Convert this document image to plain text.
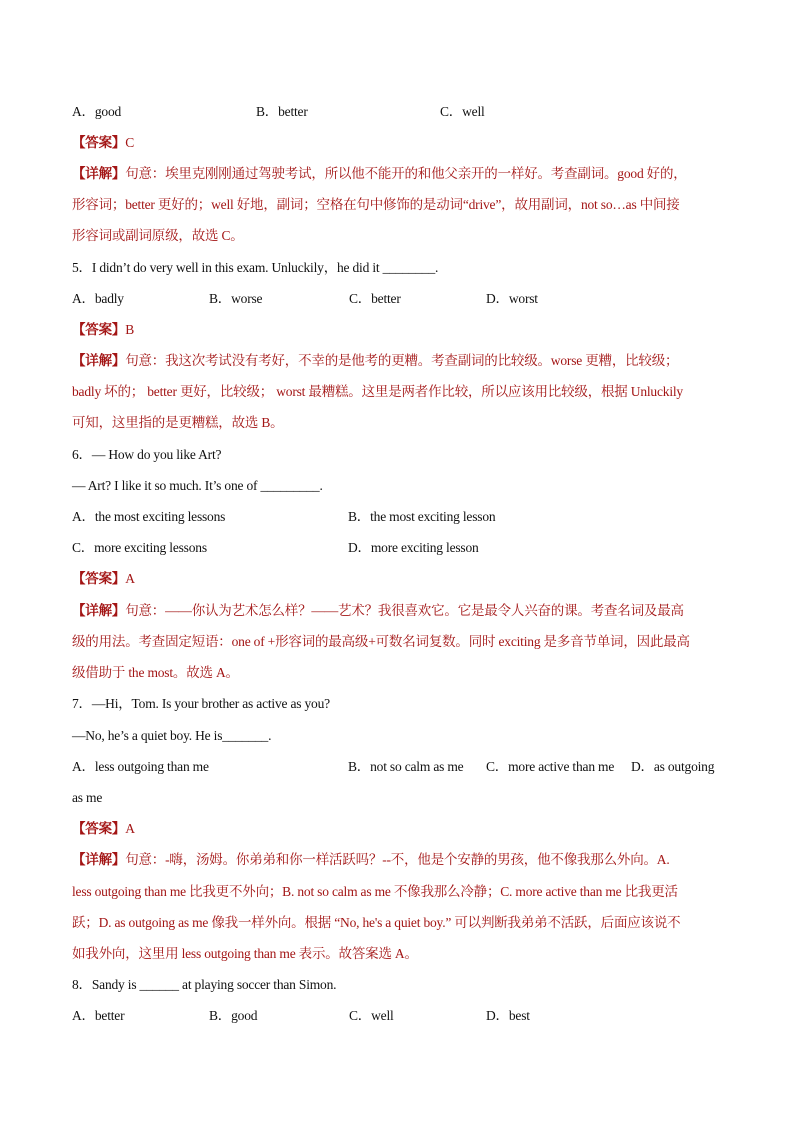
A．good	B．better	C．well
【答案】C
【详解】句意：埃里克刚刚通过驾驶考试，所以他不能开的和他父亲开的一样好。考查副词。good 好的，
形容词；better 更好的；well 好地，副词；空格在句中修饰的是动词“drive”，故用副词，not so…as 中间接
形容词或副词原级，故选 C。
5．I didn’t do very well in this exam. Unluckily，he did it ________.
A．badly	B．worse	C．better	D．worst
【答案】B
【详解】句意：我这次考试没有考好，不幸的是他考的更糟。考查副词的比较级。worse 更糟，比较级；
badly 坏的； better 更好，比较级； worst 最糟糕。这里是两者作比较，所以应该用比较级，根据 Unluckily
可知，这里指的是更糟糕，故选 B。
6．— How do you like Art?
— Art? I like it so much. It’s one of _________.
A．the most exciting lessons	B．the most exciting lesson
C．more exciting lessons	D．more exciting lesson
【答案】A
【详解】句意：——你认为艺术怎么样？——艺术？我很喜欢它。它是最令人兴奋的课。考查名词及最高
级的用法。考查固定短语：one of +形容词的最高级+可数名词复数。同时 exciting 是多音节单词，因此最高
级借助于 the most。故选 A。
7．—Hi，Tom. Is your brother as active as you?
—No, he’s a quiet boy. He is_______.
A．less outgoing than me	B．not so calm as me C．more active than me D．as outgoing
as me
【答案】A
【详解】句意：-嗨，汤姆。你弟弟和你一样活跃吗？--不，他是个安静的男孩，他不像我那么外向。A.
less outgoing than me 比我更不外向；B. not so calm as me 不像我那么冷静；C. more active than me 比我更活
跃；D. as outgoing as me 像我一样外向。根据 “No, he's a quiet boy.” 可以判断我弟弟不活跃，后面应该说不
如我外向，这里用 less outgoing than me 表示。故答案选 A。
8．Sandy is ______ at playing soccer than Simon.
A．better	B．good	C．well	D．best
